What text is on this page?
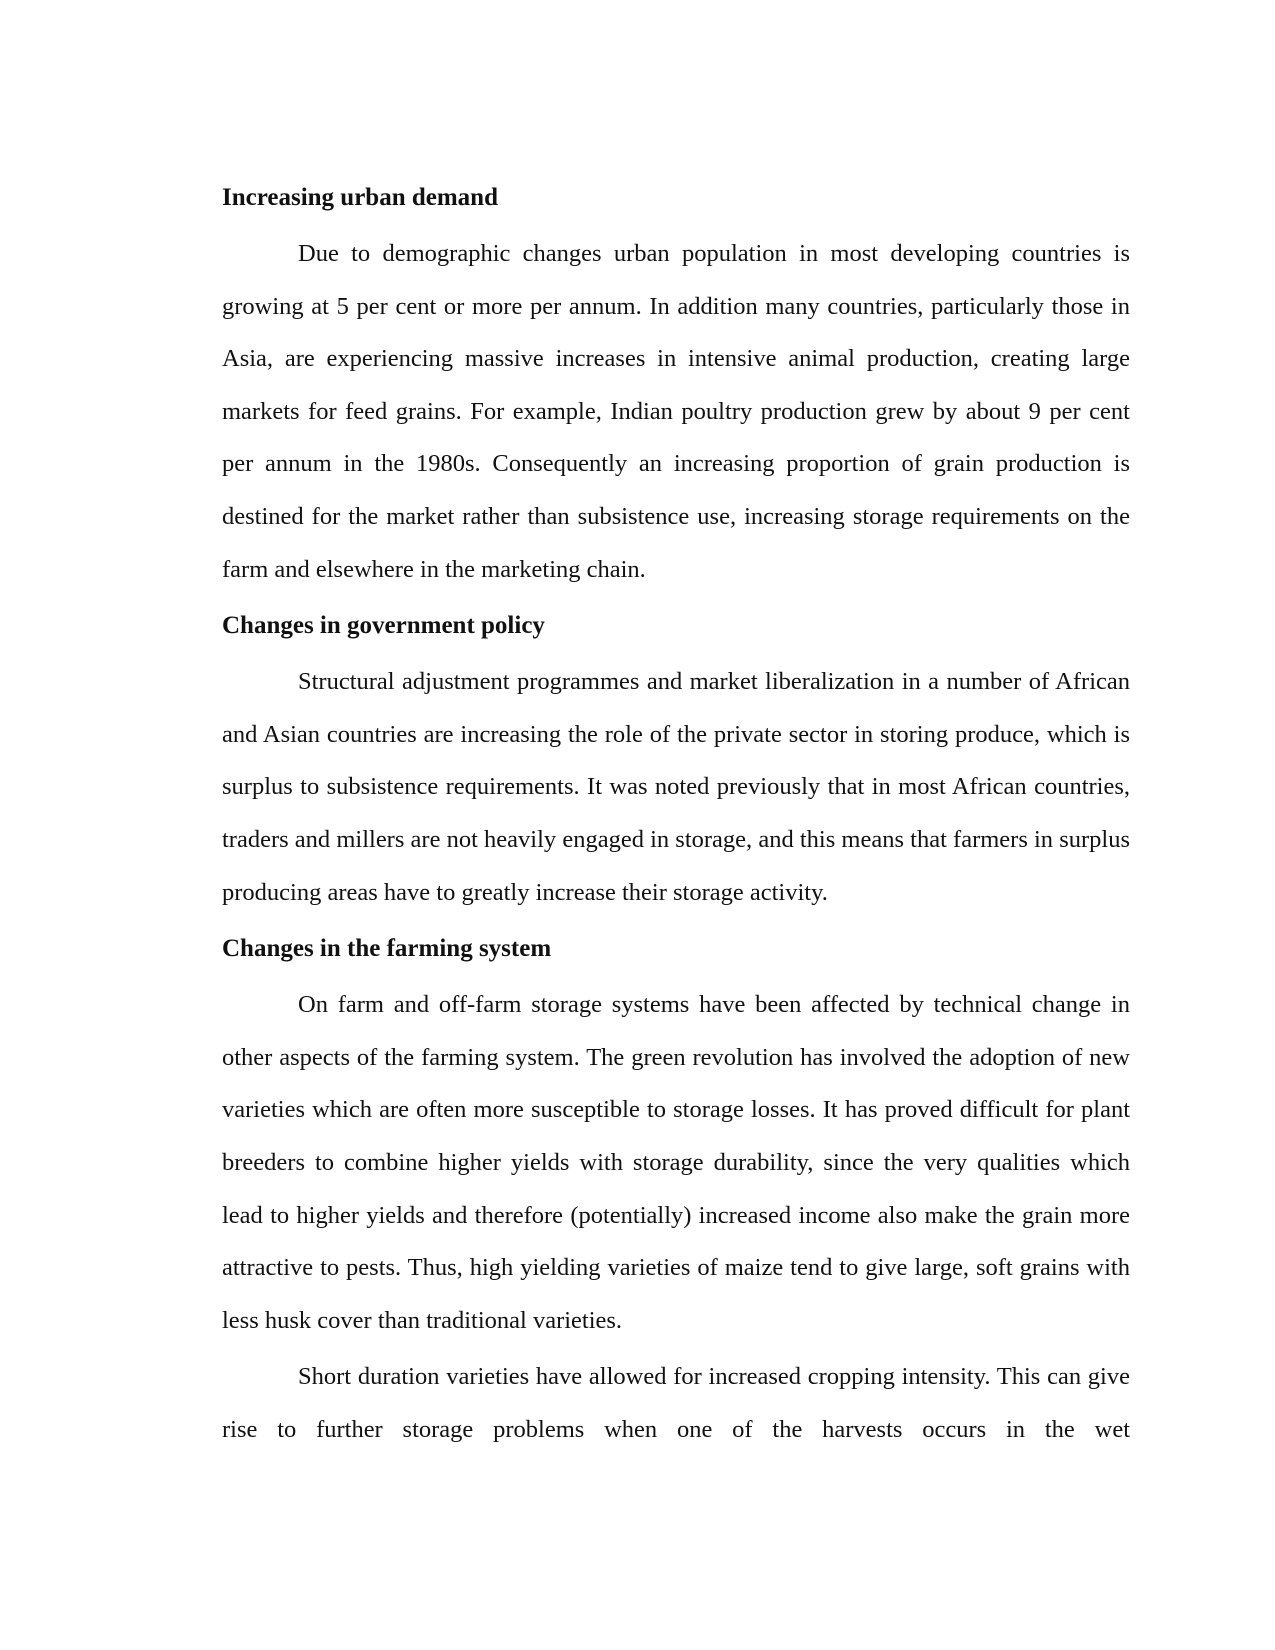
Increasing urban demand

Due to demographic changes urban population in most developing countries is growing at 5 per cent or more per annum. In addition many countries, particularly those in Asia, are experiencing massive increases in intensive animal production, creating large markets for feed grains. For example, Indian poultry production grew by about 9 per cent per annum in the 1980s. Consequently an increasing proportion of grain production is destined for the market rather than subsistence use, increasing storage requirements on the farm and elsewhere in the marketing chain.

Changes in government policy

Structural adjustment programmes and market liberalization in a number of African and Asian countries are increasing the role of the private sector in storing produce, which is surplus to subsistence requirements. It was noted previously that in most African countries, traders and millers are not heavily engaged in storage, and this means that farmers in surplus producing areas have to greatly increase their storage activity.

Changes in the farming system

On farm and off-farm storage systems have been affected by technical change in other aspects of the farming system. The green revolution has involved the adoption of new varieties which are often more susceptible to storage losses. It has proved difficult for plant breeders to combine higher yields with storage durability, since the very qualities which lead to higher yields and therefore (potentially) increased income also make the grain more attractive to pests. Thus, high yielding varieties of maize tend to give large, soft grains with less husk cover than traditional varieties.

Short duration varieties have allowed for increased cropping intensity. This can give rise to further storage problems when one of the harvests occurs in the wet
